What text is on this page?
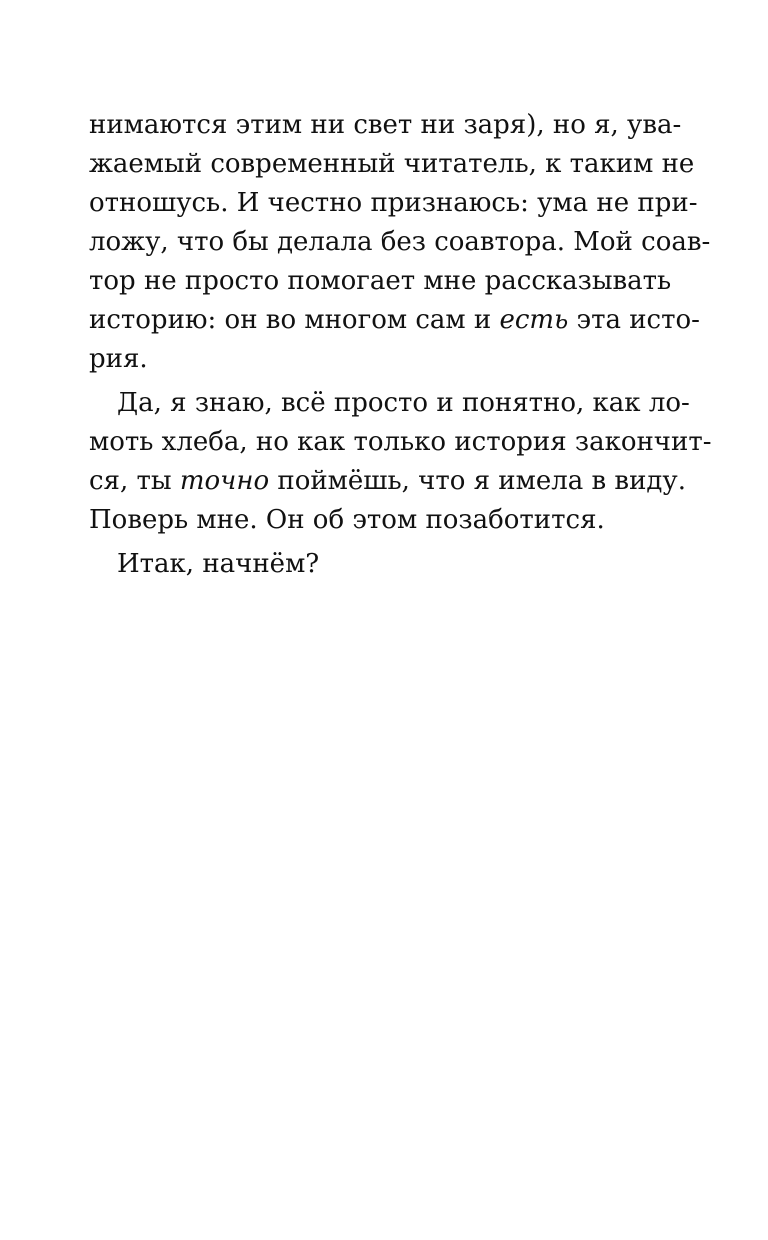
нимаются этим ни свет ни заря), но я, ува-
жаемый современный читатель, к таким не
отношусь. И честно признаюсь: ума не при-
ложу, что бы делала без соавтора. Мой соав-
тор не просто помогает мне рассказывать
историю: он во многом сам и есть эта исто-
рия.
Да, я знаю, всё просто и понятно, как ло-
моть хлеба, но как только история закончит-
ся, ты точно поймёшь, что я имела в виду.
Поверь мне. Он об этом позаботится.
Итак, начнём?
